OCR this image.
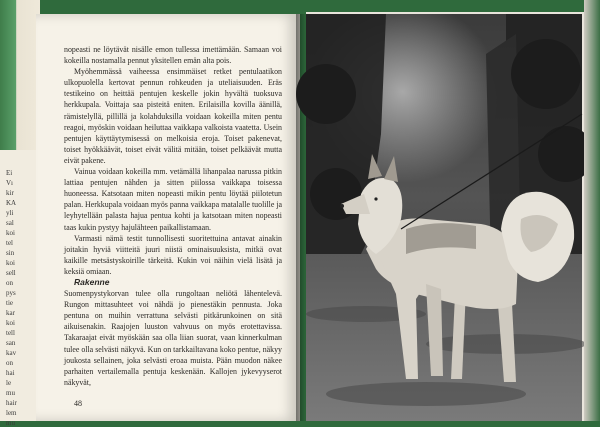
Ei
Vı
kir
KA
yli
sal
koi
tel
sin
koi
sell
on
pys
tie
kar
koi
tell
san
kav
on
hai
le
mu
hair
lem
mu

nopeasti ne löytävät nisälle emon tullessa imettämään. Samaan voi kokeilla nostamalla pennut yksitellen emän alta pois.

Myöhemmässä vaiheessa ensimmäiset retket pentulaatikon ulkopuolella kertovat pennun rohkeuden ja uteliaisuuden. Eräs testikeino on heittää pentujen keskelle jokin hyvältä tuoksuva herkkupala. Voittaja saa pisteitä eniten. Erilaisilla kovilla äänillä, rämistelyllä, pillillä ja kolahduksilla voidaan kokeilla miten pentu reagoi, myöskin voidaan heiluttaa vaikkapa valkoista vaatetta. Usein pentujen käyttäytymisessä on melkoisia eroja. Toiset pakenevat, toiset hyökkäävät, toiset eivät välitä mitään, toiset pelkäävät mutta eivät pakene.

Vainua voidaan kokeilla mm. vetämällä lihanpalaa narussa pitkin lattiaa pentujen nähden ja sitten piilossa vaikkapa toisessa huoneessa. Katsotaan miten nopeasti mikin pentu löytää piilotetun palan. Herkkupala voidaan myös panna vaikkapa matalalle tuolille ja leyhytellään palasta hajua pentua kohti ja katsotaan miten nopeasti taas kukin pystyy hajulähteen paikallistamaan.

Varmasti nämä testit tunnollisesti suoritettuina antavat ainakin joitakin hyviä viitteitä juuri niistä ominaisuuksista, mitkä ovat kaikille metsästyskoirille tärkeitä. Kukin voi näihin vielä lisätä ja keksiä omiaan.

Rakenne

Suomenpystykorvan tulee olla rungoltaan neliötä lähentelevä. Rungon mittasuhteet voi nähdä jo pienestäkin pennusta. Joka pentuna on muihin verrattuna selvästi pitkärunkoinen on sitä aikuisenakin. Raajojen luuston vahvuus on myös erotettavissa. Takaraajat eivät myöskään saa olla liian suorat, vaan kinnerkulman tulee olla selvästi näkyvä. Kun on tarkkailtavana koko pentue, näkyy joukosta sellainen, joka selvästi eroaa muista. Pään muodon näkee parhaiten vertailemalla pentuja keskenään. Kallojen jykevyyserot näkyvät,

48
